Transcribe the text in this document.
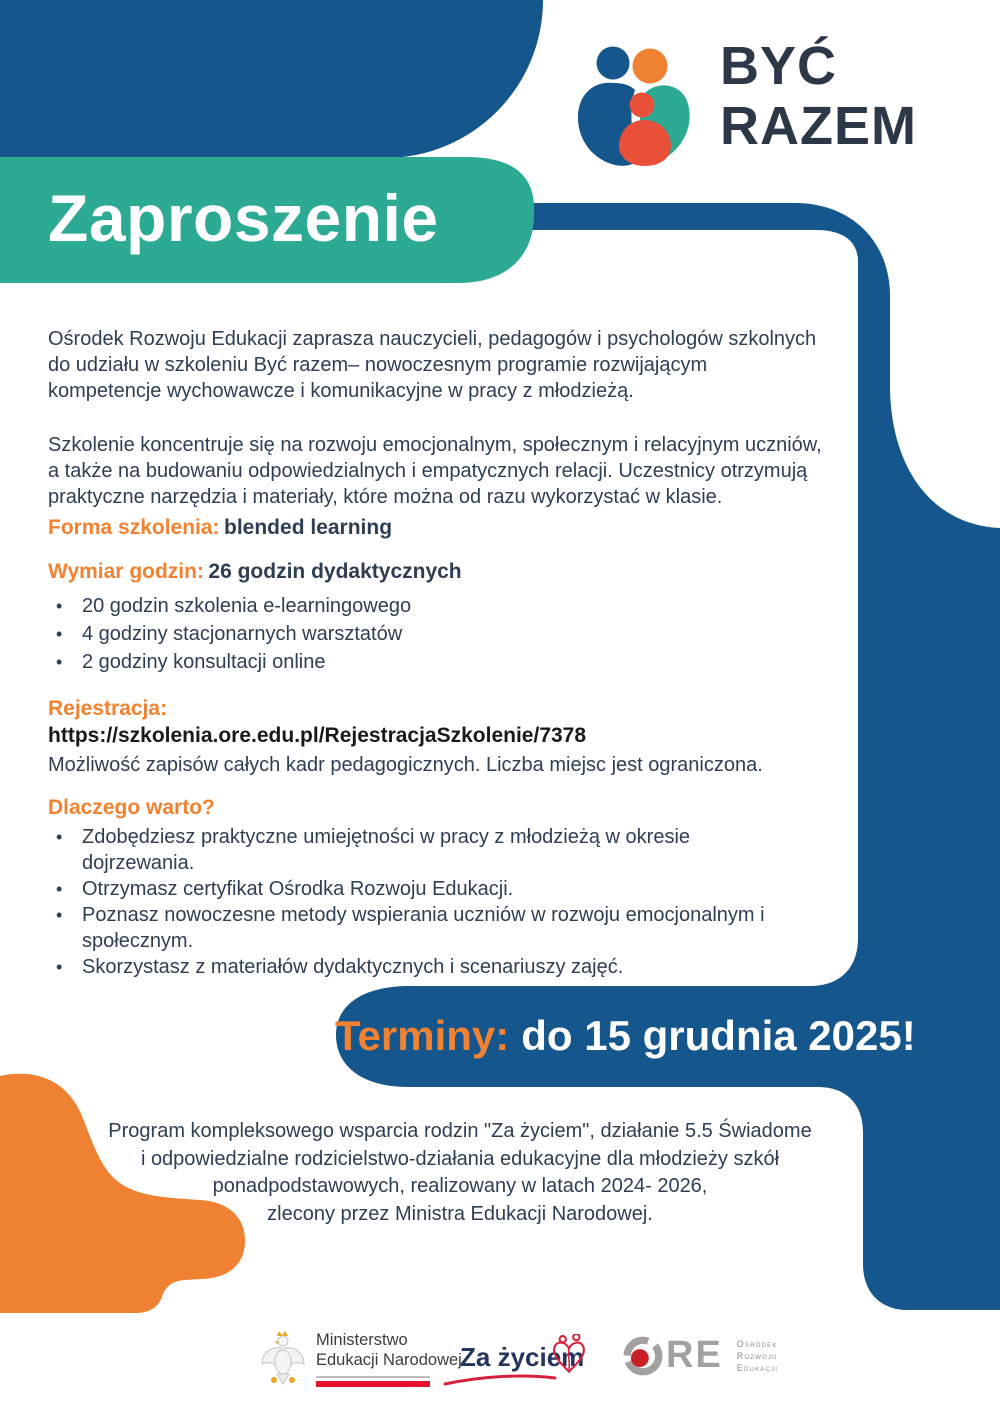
BYĆ
RAZEM
Zaproszenie

Ośrodek Rozwoju Edukacji zaprasza nauczycieli, pedagogów i psychologów szkolnych do udziału w szkoleniu Być razem– nowoczesnym programie rozwijającym kompetencje wychowawcze i komunikacyjne w pracy z młodzieżą.

Szkolenie koncentruje się na rozwoju emocjonalnym, społecznym i relacyjnym uczniów, a także na budowaniu odpowiedzialnych i empatycznych relacji. Uczestnicy otrzymują praktyczne narzędzia i materiały, które można od razu wykorzystać w klasie.

Forma szkolenia: blended learning
Wymiar godzin: 26 godzin dydaktycznych
• 20 godzin szkolenia e-learningowego
• 4 godziny stacjonarnych warsztatów
• 2 godziny konsultacji online
Rejestracja:
https://szkolenia.ore.edu.pl/RejestracjaSzkolenie/7378
Możliwość zapisów całych kadr pedagogicznych. Liczba miejsc jest ograniczona.
Dlaczego warto?
• Zdobędziesz praktyczne umiejętności w pracy z młodzieżą w okresie dojrzewania.
• Otrzymasz certyfikat Ośrodka Rozwoju Edukacji.
• Poznasz nowoczesne metody wspierania uczniów w rozwoju emocjonalnym i społecznym.
• Skorzystasz z materiałów dydaktycznych i scenariuszy zajęć.
Terminy: do 15 grudnia 2025!
Program kompleksowego wsparcia rodzin "Za życiem", działanie 5.5 Świadome
i odpowiedzialne rodzicielstwo-działania edukacyjne dla młodzieży szkół
ponadpodstawowych, realizowany w latach 2024- 2026,
zlecony przez Ministra Edukacji Narodowej.
Ministerstwo
Edukacji Narodowej
Za życiem RE Ośrodek
Rozwoju
Edukacji
